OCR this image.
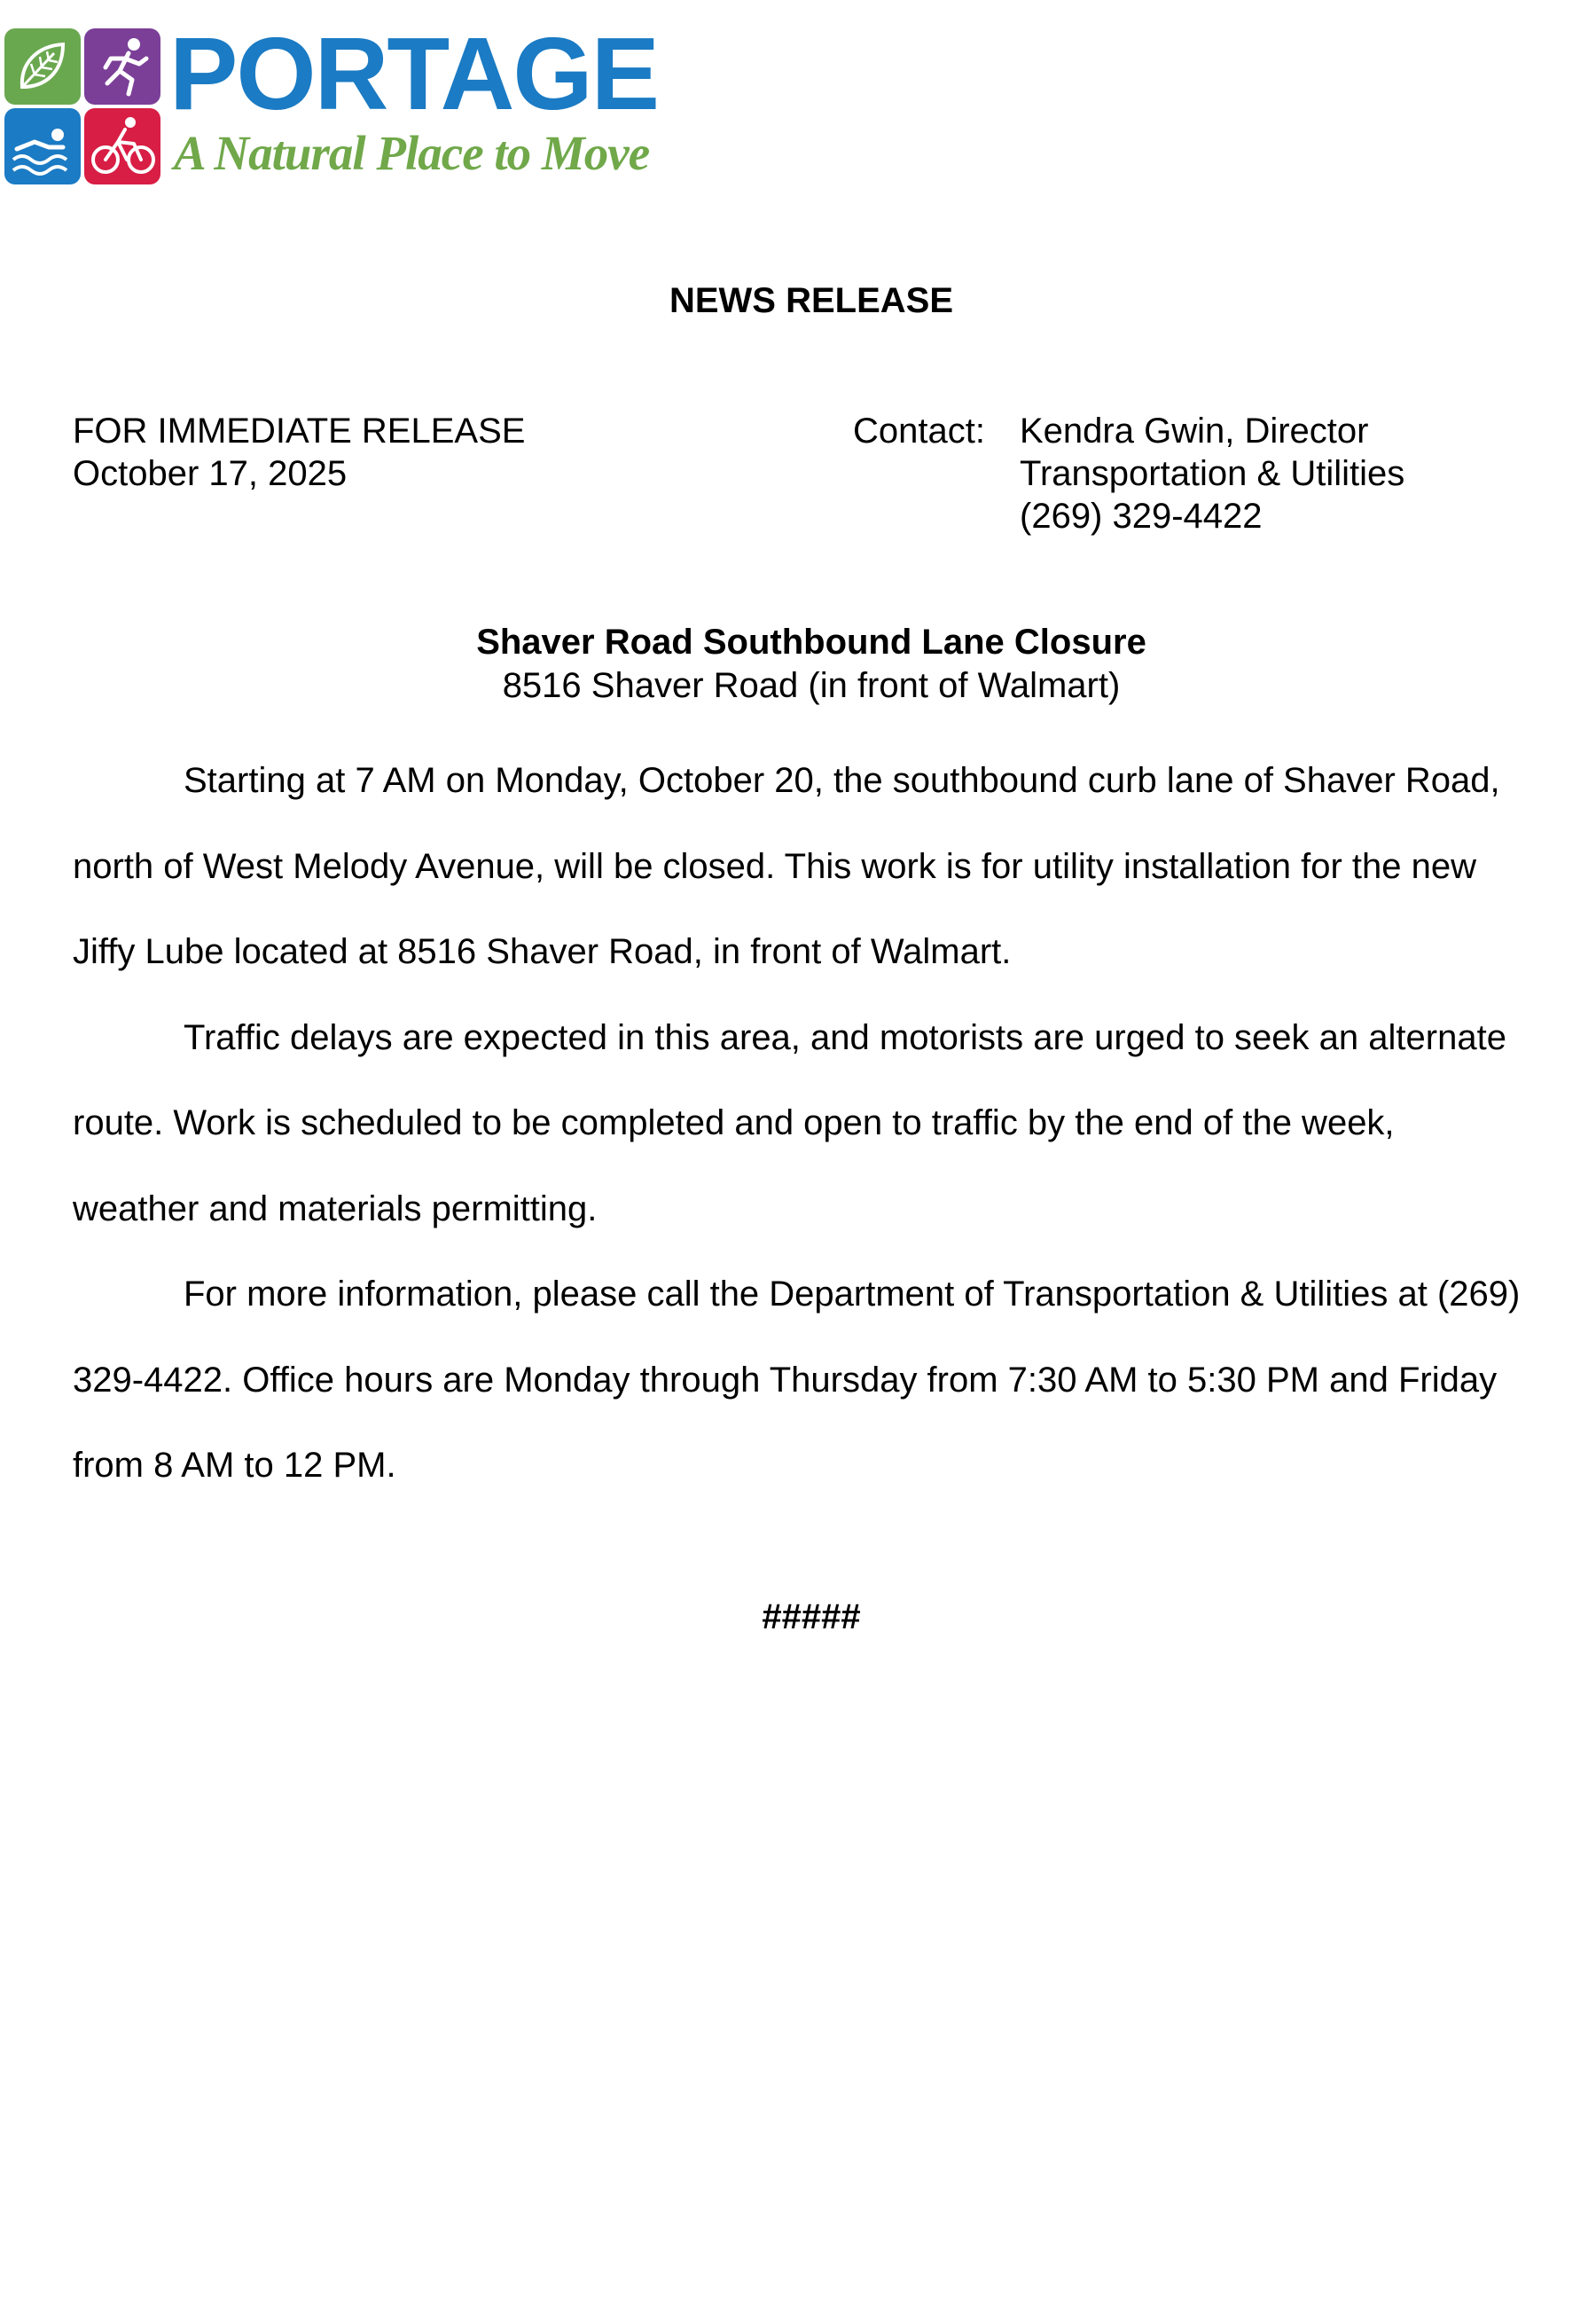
PORTAGE
A Natural Place to Move
NEWS RELEASE
FOR IMMEDIATE RELEASE
October 17, 2025
Contact: Kendra Gwin, Director
Transportation & Utilities
(269) 329-4422
Shaver Road Southbound Lane Closure
8516 Shaver Road (in front of Walmart)

Starting at 7 AM on Monday, October 20, the southbound curb lane of Shaver Road, north of West Melody Avenue, will be closed. This work is for utility installation for the new Jiffy Lube located at 8516 Shaver Road, in front of Walmart.

Traffic delays are expected in this area, and motorists are urged to seek an alternate route. Work is scheduled to be completed and open to traffic by the end of the week, weather and materials permitting.

For more information, please call the Department of Transportation & Utilities at (269) 329-4422. Office hours are Monday through Thursday from 7:30 AM to 5:30 PM and Friday from 8 AM to 12 PM.

#####
